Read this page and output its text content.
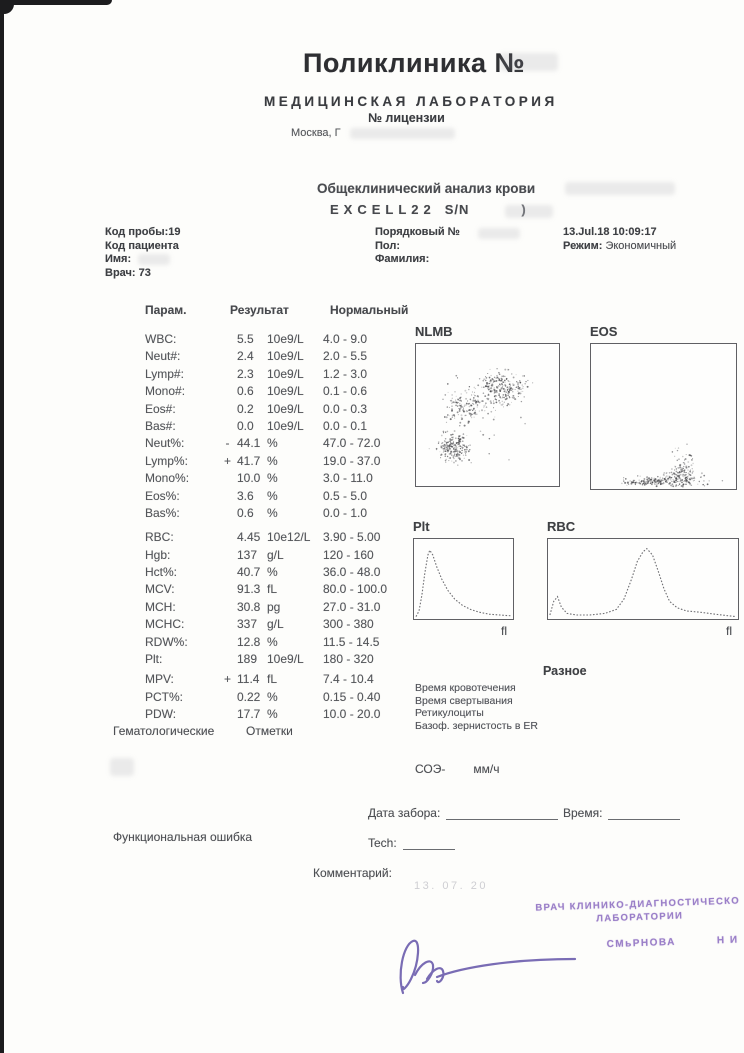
Поликлиника №
МЕДИЦИНСКАЯ ЛАБОРАТОРИЯ
№ лицензии
Москва, Г
Общеклинический анализ крови
EXCELL22 S/N	)
Код пробы:19
Код пациента
Имя:
Врач: 73
Порядковый №
Пол:
Фамилия:
13.Jul.18 10:09:17
Режим: Экономичный
Парам.	Результат	Нормальный
WBC:	5.5 10e9/L 4.0 - 9.0
Neut#:	2.4 10e9/L 2.0 - 5.5
Lymp#:	2.3 10e9/L 1.2 - 3.0
Mono#:	0.6 10e9/L 0.1 - 0.6
Eos#:	0.2 10e9/L 0.0 - 0.3
Bas#:	0.0 10e9/L 0.0 - 0.1
Neut%:	- 44.1 %	47.0 - 72.0
Lymp%:	+ 41.7 %	19.0 - 37.0
Mono%:	10.0 %	3.0 - 11.0
Eos%:	3.6 %	0.5 - 5.0
Bas%:	0.6 %	0.0 - 1.0
RBC:	4.45 10e12/L 3.90 - 5.00
Hgb:	137 g/L	120 - 160
Hct%:	40.7 %	36.0 - 48.0
MCV:	91.3 fL	80.0 - 100.0
MCH:	30.8 pg	27.0 - 31.0
MCHC:	337 g/L	300 - 380
RDW%:	12.8 %	11.5 - 14.5
Plt:	189 10e9/L 180 - 320
MPV:	+ 11.4 fL	7.4 - 10.4
PCT%:	0.22 %	0.15 - 0.40
PDW:	17.7 %	10.0 - 20.0
Гематологические	Отметки
NLMB	EOS
Plt
fl
RBC
fl
Разное
Время кровотечения
Время свертывания
Ретикулоциты
Базоф. зернистость в ER
СОЭ- мм/ч
Дата забора:	Время:
Функциональная ошибка	Tech:
Комментарий:
13. 07. 20
ВРАЧ КЛИНИКО-ДИАГНОСТИЧЕСКО
ЛАБОРАТОРИИ
СМьРНОВА	Н И
